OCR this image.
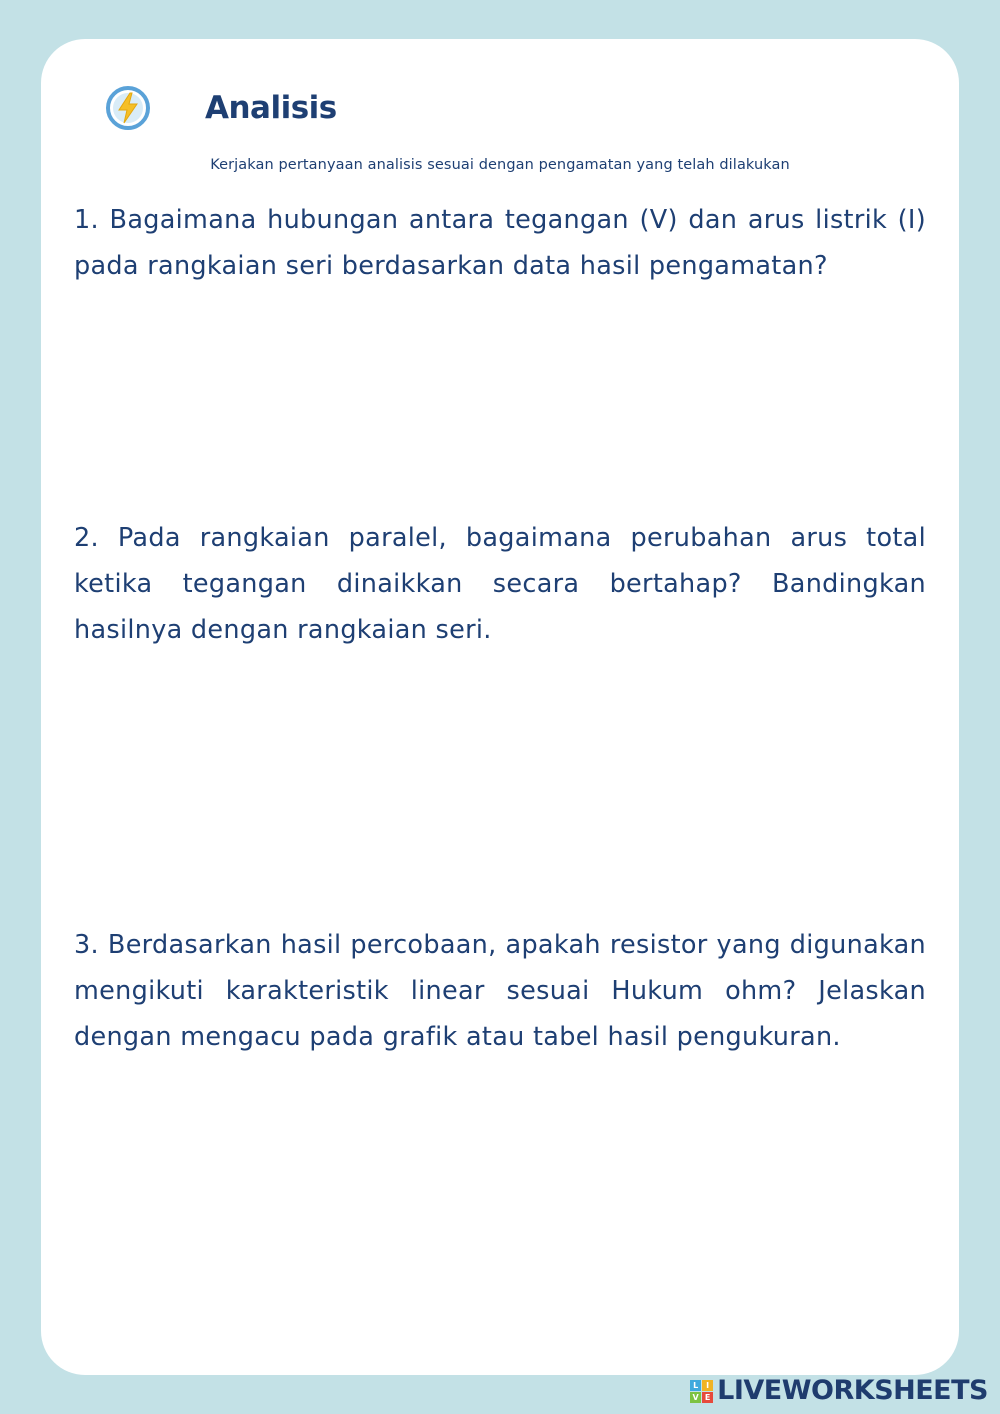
Analisis
Kerjakan pertanyaan analisis sesuai dengan pengamatan yang telah dilakukan
1. Bagaimana hubungan antara tegangan (V) dan arus listrik (I) pada rangkaian seri berdasarkan data hasil pengamatan?
2. Pada rangkaian paralel, bagaimana perubahan arus total ketika tegangan dinaikkan secara bertahap? Bandingkan hasilnya dengan rangkaian seri.
3. Berdasarkan hasil percobaan, apakah resistor yang digunakan mengikuti karakteristik linear sesuai Hukum ohm? Jelaskan dengan mengacu pada grafik atau tabel hasil pengukuran.
L I
V E LIVEWORKSHEETS
